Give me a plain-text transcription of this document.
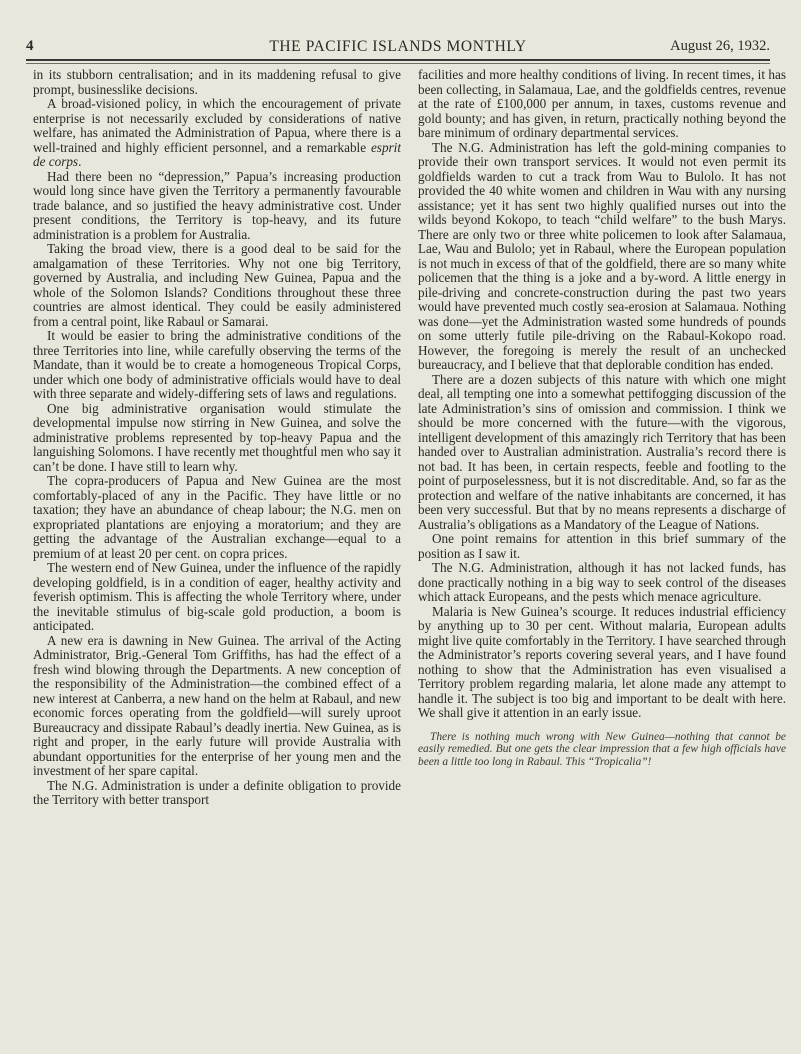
4	THE PACIFIC ISLANDS MONTHLY	August 26, 1932.

in its stubborn centralisation; and in its maddening refusal to give prompt, businesslike decisions.

A broad-visioned policy, in which the encouragement of private enterprise is not necessarily excluded by considerations of native welfare, has animated the Administration of Papua, where there is a well-trained and highly efficient personnel, and a remarkable esprit de corps.

Had there been no “depression,” Papua’s increasing production would long since have given the Territory a permanently favourable trade balance, and so justified the heavy administrative cost. Under present conditions, the Territory is top-heavy, and its future administration is a problem for Australia.

Taking the broad view, there is a good deal to be said for the amalgamation of these Territories. Why not one big Territory, governed by Australia, and including New Guinea, Papua and the whole of the Solomon Islands? Conditions throughout these three countries are almost identical. They could be easily administered from a central point, like Rabaul or Samarai.

It would be easier to bring the administrative conditions of the three Territories into line, while carefully observing the terms of the Mandate, than it would be to create a homogeneous Tropical Corps, under which one body of administrative officials would have to deal with three separate and widely-differing sets of laws and regulations.

One big administrative organisation would stimulate the developmental impulse now stirring in New Guinea, and solve the administrative problems represented by top-heavy Papua and the languishing Solomons. I have recently met thoughtful men who say it can’t be done. I have still to learn why.

The copra-producers of Papua and New Guinea are the most comfortably-placed of any in the Pacific. They have little or no taxation; they have an abundance of cheap labour; the N.G. men on expropriated plantations are enjoying a moratorium; and they are getting the advantage of the Australian exchange—equal to a premium of at least 20 per cent. on copra prices.

The western end of New Guinea, under the influence of the rapidly developing goldfield, is in a condition of eager, healthy activity and feverish optimism. This is affecting the whole Territory where, under the inevitable stimulus of big-scale gold production, a boom is anticipated.

A new era is dawning in New Guinea. The arrival of the Acting Administrator, Brig.-General Tom Griffiths, has had the effect of a fresh wind blowing through the Departments. A new conception of the responsibility of the Administration—the combined effect of a new interest at Canberra, a new hand on the helm at Rabaul, and new economic forces operating from the goldfield—will surely uproot Bureaucracy and dissipate Rabaul’s deadly inertia. New Guinea, as is right and proper, in the early future will provide Australia with abundant opportunities for the enterprise of her young men and the investment of her spare capital.

The N.G. Administration is under a definite obligation to provide the Territory with better transport

facilities and more healthy conditions of living. In recent times, it has been collecting, in Salamaua, Lae, and the goldfields centres, revenue at the rate of £100,000 per annum, in taxes, customs revenue and gold bounty; and has given, in return, practically nothing beyond the bare minimum of ordinary departmental services.

The N.G. Administration has left the gold-mining companies to provide their own transport services. It would not even permit its goldfields warden to cut a track from Wau to Bulolo. It has not provided the 40 white women and children in Wau with any nursing assistance; yet it has sent two highly qualified nurses out into the wilds beyond Kokopo, to teach “child welfare” to the bush Marys. There are only two or three white policemen to look after Salamaua, Lae, Wau and Bulolo; yet in Rabaul, where the European population is not much in excess of that of the goldfield, there are so many white policemen that the thing is a joke and a by-word. A little energy in pile-driving and concrete-construction during the past two years would have prevented much costly sea-erosion at Salamaua. Nothing was done—yet the Administration wasted some hundreds of pounds on some utterly futile pile-driving on the Rabaul-Kokopo road. However, the foregoing is merely the result of an unchecked bureaucracy, and I believe that that deplorable condition has ended.

There are a dozen subjects of this nature with which one might deal, all tempting one into a somewhat pettifogging discussion of the late Administration’s sins of omission and commission. I think we should be more concerned with the future—with the vigorous, intelligent development of this amazingly rich Territory that has been handed over to Australian administration. Australia’s record there is not bad. It has been, in certain respects, feeble and footling to the point of purposelessness, but it is not discreditable. And, so far as the protection and welfare of the native inhabitants are concerned, it has been very successful. But that by no means represents a discharge of Australia’s obligations as a Mandatory of the League of Nations.

One point remains for attention in this brief summary of the position as I saw it.

The N.G. Administration, although it has not lacked funds, has done practically nothing in a big way to seek control of the diseases which attack Europeans, and the pests which menace agriculture.

Malaria is New Guinea’s scourge. It reduces industrial efficiency by anything up to 30 per cent. Without malaria, European adults might live quite comfortably in the Territory. I have searched through the Administrator’s reports covering several years, and I have found nothing to show that the Administration has even visualised a Territory problem regarding malaria, let alone made any attempt to handle it. The subject is too big and important to be dealt with here. We shall give it attention in an early issue.

There is nothing much wrong with New Guinea—nothing that cannot be easily remedied. But one gets the clear impression that a few high officials have been a little too long in Rabaul. This “Tropicalia”!
